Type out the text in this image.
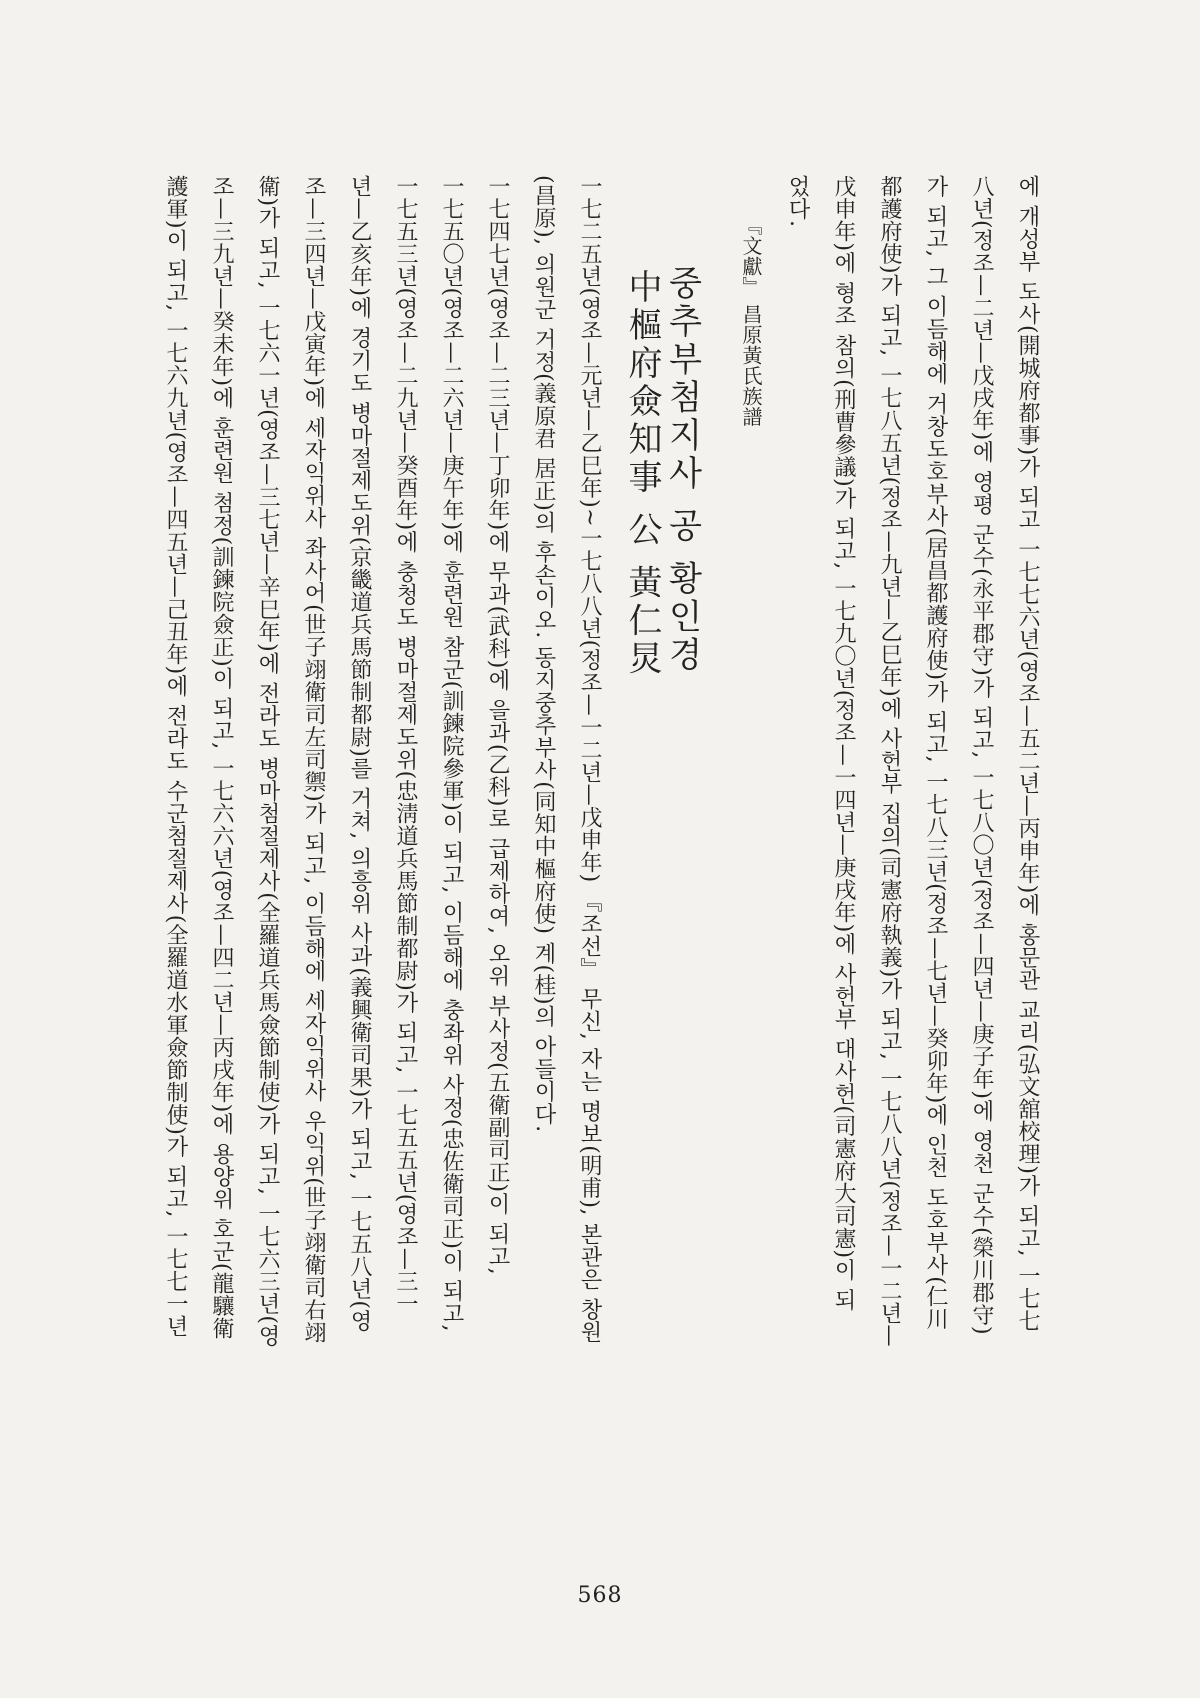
에 개성부 도사(開城府都事)가 되고 一七七六년(영조—五二년—丙申年)에 홍문관 교리(弘文舘校理)가 되고, 一七七
八년(정조—二년—戊戌年)에 영평 군수(永平郡守)가 되고, 一七八〇년(정조—四년—庚子年)에 영천 군수(榮川郡守)
가 되고, 그 이듬해에 거창도호부사(居昌都護府使)가 되고, 一七八三년(정조—七년—癸卯年)에 인천 도호부사(仁川
都護府使)가 되고, 一七八五년(정조—九년—乙巳年)에 사헌부 집의(司憲府執義)가 되고, 一七八八년(정조—一二년—
戊申年)에 형조 참의(刑曹參議)가 되고, 一七九〇년(정조—一四년—庚戌年)에 사헌부 대사헌(司憲府大司憲)이 되
었다.
『文獻』 昌原黃氏族譜
중추부첨지사 공 황인경
中樞府僉知事 公 黃仁炅
一七二五년(영조—元년—乙巳年)~一七八八년(정조—一二년—戊申年) 『조선』 무신, 자는 명보(明甫), 본관은 창원
(昌原), 의원군 거정(義原君 居正)의 후손이오. 동지중추부사(同知中樞府使) 계(桂)의 아들이다.
一七四七년(영조—二三년—丁卯年)에 무과(武科)에 을과(乙科)로 급제하여, 오위 부사정(五衛副司正)이 되고,
一七五〇년(영조—二六년—庚午年)에 훈련원 참군(訓鍊院參軍)이 되고, 이듬해에 충좌위 사정(忠佐衛司正)이 되고,
一七五三년(영조—二九년—癸酉年)에 충청도 병마절제도위(忠淸道兵馬節制都尉)가 되고, 一七五五년(영조—三一
년—乙亥年)에 경기도 병마절제도위(京畿道兵馬節制都尉)를 거쳐, 의흥위 사과(義興衛司果)가 되고, 一七五八년(영
조—三四년—戊寅年)에 세자익위사 좌사어(世子翊衛司左司禦)가 되고, 이듬해에 세자익위사 우익위(世子翊衛司右翊
衛)가 되고, 一七六一년(영조—三七년—辛巳年)에 전라도 병마첨절제사(全羅道兵馬僉節制使)가 되고, 一七六三년(영
조—三九년—癸未年)에 훈련원 첨정(訓鍊院僉正)이 되고, 一七六六년(영조—四二년—丙戌年)에 용양위 호군(龍驤衛
護軍)이 되고, 一七六九년(영조—四五년—己丑年)에 전라도 수군첨절제사(全羅道水軍僉節制使)가 되고, 一七七一년
568
